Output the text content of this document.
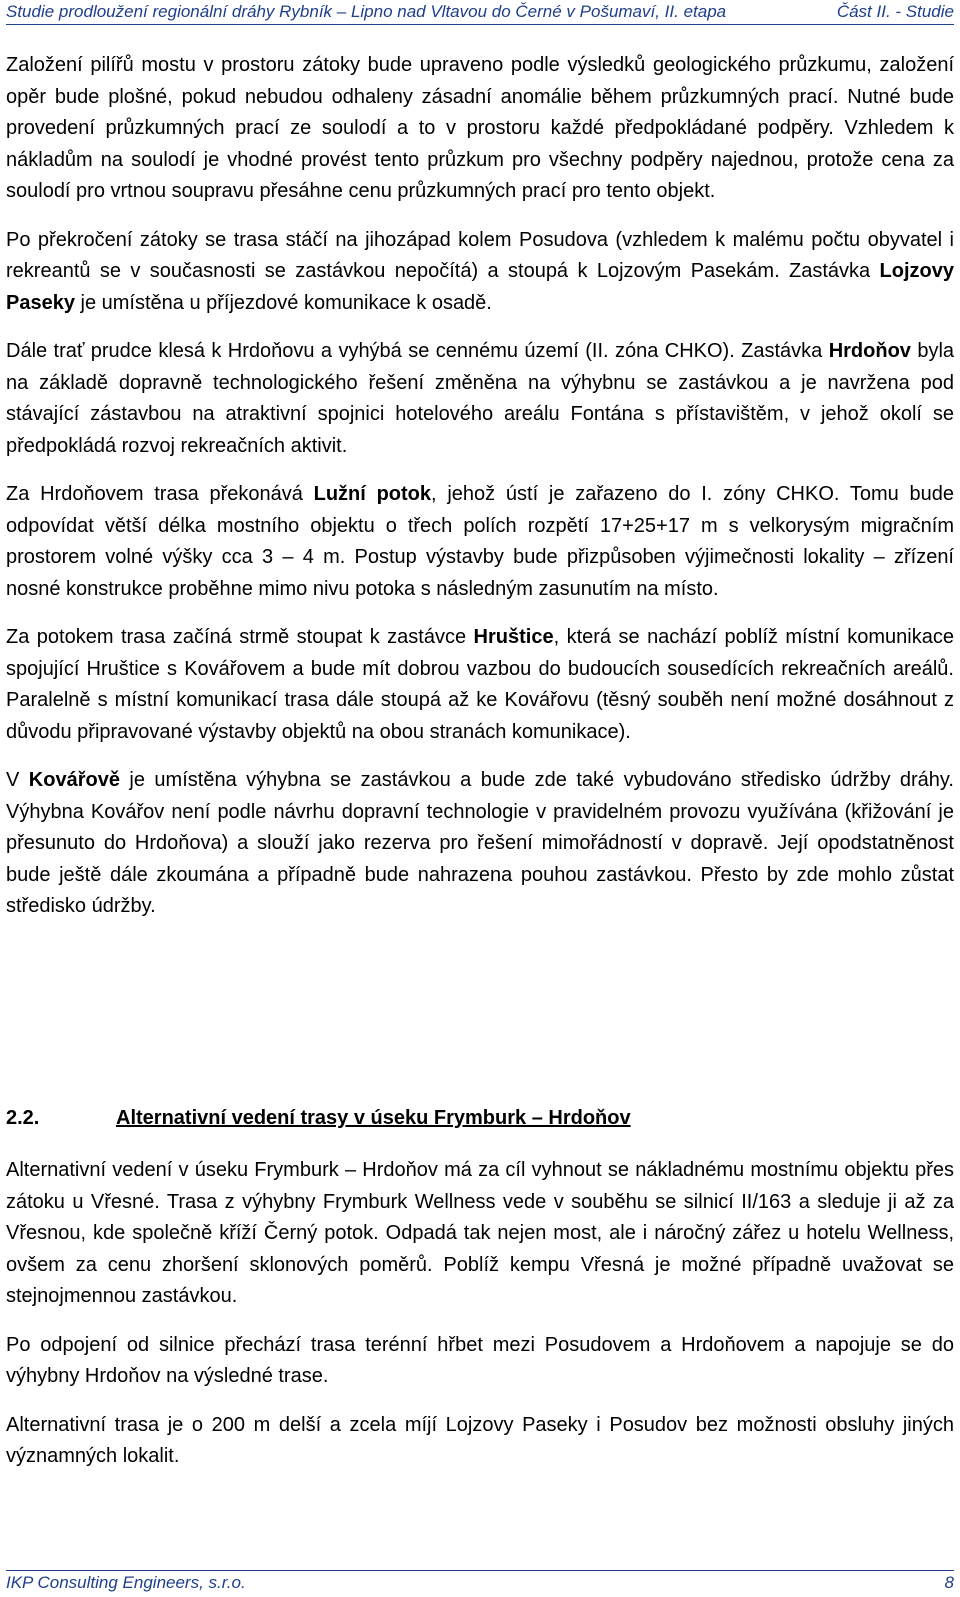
Studie prodloužení regionální dráhy Rybník – Lipno nad Vltavou do Černé v Pošumaví, II. etapa	Část II. - Studie

Založení pilířů mostu v prostoru zátoky bude upraveno podle výsledků geologického průzkumu, založení opěr bude plošné, pokud nebudou odhaleny zásadní anomálie během průzkumných prací. Nutné bude provedení průzkumných prací ze soulodí a to v prostoru každé předpokládané podpěry. Vzhledem k nákladům na soulodí je vhodné provést tento průzkum pro všechny podpěry najednou, protože cena za soulodí pro vrtnou soupravu přesáhne cenu průzkumných prací pro tento objekt.

Po překročení zátoky se trasa stáčí na jihozápad kolem Posudova (vzhledem k malému počtu obyvatel i rekreantů se v současnosti se zastávkou nepočítá) a stoupá k Lojzovým Pasekám. Zastávka Lojzovy Paseky je umístěna u příjezdové komunikace k osadě.

Dále trať prudce klesá k Hrdoňovu a vyhýbá se cennému území (II. zóna CHKO). Zastávka Hrdoňov byla na základě dopravně technologického řešení změněna na výhybnu se zastávkou a je navržena pod stávající zástavbou na atraktivní spojnici hotelového areálu Fontána s přístavištěm, v jehož okolí se předpokládá rozvoj rekreačních aktivit.

Za Hrdoňovem trasa překonává Lužní potok, jehož ústí je zařazeno do I. zóny CHKO. Tomu bude odpovídat větší délka mostního objektu o třech polích rozpětí 17+25+17 m s velkorysým migračním prostorem volné výšky cca 3 – 4 m. Postup výstavby bude přizpůsoben výjimečnosti lokality – zřízení nosné konstrukce proběhne mimo nivu potoka s následným zasunutím na místo.

Za potokem trasa začíná strmě stoupat k zastávce Hruštice, která se nachází poblíž místní komunikace spojující Hruštice s Kovářovem a bude mít dobrou vazbou do budoucích sousedících rekreačních areálů. Paralelně s místní komunikací trasa dále stoupá až ke Kovářovu (těsný souběh není možné dosáhnout z důvodu připravované výstavby objektů na obou stranách komunikace).

V Kovářově je umístěna výhybna se zastávkou a bude zde také vybudováno středisko údržby dráhy. Výhybna Kovářov není podle návrhu dopravní technologie v pravidelném provozu využívána (křižování je přesunuto do Hrdoňova) a slouží jako rezerva pro řešení mimořádností v dopravě. Její opodstatněnost bude ještě dále zkoumána a případně bude nahrazena pouhou zastávkou. Přesto by zde mohlo zůstat středisko údržby.

2.2.	Alternativní vedení trasy v úseku Frymburk – Hrdoňov

Alternativní vedení v úseku Frymburk – Hrdoňov má za cíl vyhnout se nákladnému mostnímu objektu přes zátoku u Vřesné. Trasa z výhybny Frymburk Wellness vede v souběhu se silnicí II/163 a sleduje ji až za Vřesnou, kde společně kříží Černý potok. Odpadá tak nejen most, ale i náročný zářez u hotelu Wellness, ovšem za cenu zhoršení sklonových poměrů. Poblíž kempu Vřesná je možné případně uvažovat se stejnojmennou zastávkou.

Po odpojení od silnice přechází trasa terénní hřbet mezi Posudovem a Hrdoňovem a napojuje se do výhybny Hrdoňov na výsledné trase.

Alternativní trasa je o 200 m delší a zcela míjí Lojzovy Paseky i Posudov bez možnosti obsluhy jiných významných lokalit.

IKP Consulting Engineers, s.r.o.	8
